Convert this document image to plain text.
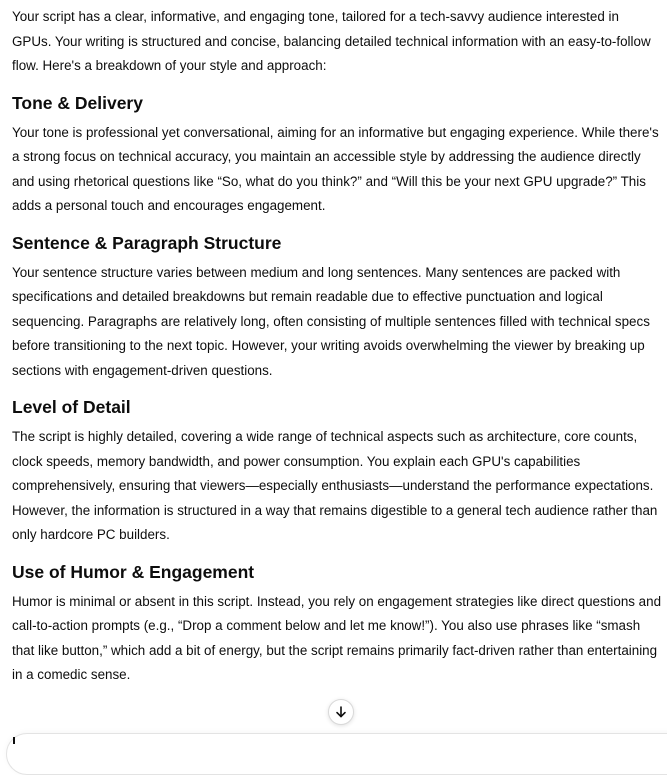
Your script has a clear, informative, and engaging tone, tailored for a tech-savvy audience interested in GPUs. Your writing is structured and concise, balancing detailed technical information with an easy-to-follow flow. Here's a breakdown of your style and approach:

Tone & Delivery

Your tone is professional yet conversational, aiming for an informative but engaging experience. While there's a strong focus on technical accuracy, you maintain an accessible style by addressing the audience directly and using rhetorical questions like “So, what do you think?” and “Will this be your next GPU upgrade?” This adds a personal touch and encourages engagement.

Sentence & Paragraph Structure

Your sentence structure varies between medium and long sentences. Many sentences are packed with specifications and detailed breakdowns but remain readable due to effective punctuation and logical sequencing. Paragraphs are relatively long, often consisting of multiple sentences filled with technical specs before transitioning to the next topic. However, your writing avoids overwhelming the viewer by breaking up sections with engagement-driven questions.

Level of Detail

The script is highly detailed, covering a wide range of technical aspects such as architecture, core counts, clock speeds, memory bandwidth, and power consumption. You explain each GPU's capabilities comprehensively, ensuring that viewers—especially enthusiasts—understand the performance expectations. However, the information is structured in a way that remains digestible to a general tech audience rather than only hardcore PC builders.

Use of Humor & Engagement

Humor is minimal or absent in this script. Instead, you rely on engagement strategies like direct questions and call-to-action prompts (e.g., “Drop a comment below and let me know!”). You also use phrases like “smash that like button,” which add a bit of energy, but the script remains primarily fact-driven rather than entertaining in a comedic sense.
